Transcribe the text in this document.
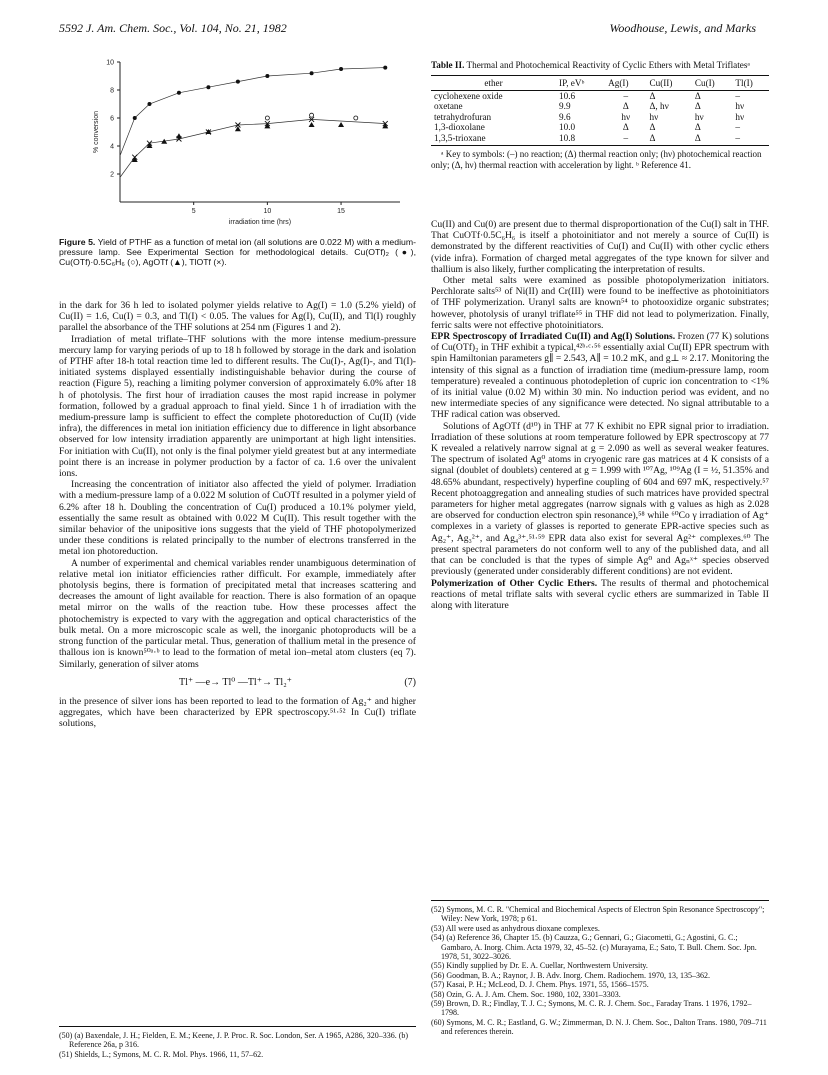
5592 J. Am. Chem. Soc., Vol. 104, No. 21, 1982	Woodhouse, Lewis, and Marks
10
8
6
4
2
5	10	15
irradiation time (hrs)
% conversion
Figure 5. Yield of PTHF as a function of metal ion (all solutions are 0.022 M) with a medium-pressure lamp. See Experimental Section for methodological details. Cu(OTf)₂ (●), Cu(OTf)·0.5C₆H₆ (○), AgOTf (▲), TlOTf (×).
Table II. Thermal and Photochemical Reactivity of Cyclic Ethers with Metal Triflatesᵃ
ether	IP, eVᵇ	Ag(I)	Cu(II)	Cu(I)	Tl(I)
cyclohexene oxide	10.6	–	Δ	Δ	–
oxetane	9.9	Δ	Δ, hν	Δ	hν
tetrahydrofuran	9.6	hν	hν	hν	hν
1,3-dioxolane	10.0	Δ	Δ	Δ	–
1,3,5-trioxane	10.8	–	Δ	Δ	–
ᵃ Key to symbols: (–) no reaction; (Δ) thermal reaction only; (hν) photochemical reaction only; (Δ, hν) thermal reaction with acceleration by light. ᵇ Reference 41.

in the dark for 36 h led to isolated polymer yields relative to Ag(I) = 1.0 (5.2% yield) of Cu(II) = 1.6, Cu(I) = 0.3, and Tl(I) < 0.05. The values for Ag(I), Cu(II), and Tl(I) roughly parallel the absorbance of the THF solutions at 254 nm (Figures 1 and 2).

Irradiation of metal triflate–THF solutions with the more intense medium-pressure mercury lamp for varying periods of up to 18 h followed by storage in the dark and isolation of PTHF after 18-h total reaction time led to different results. The Cu(I)-, Ag(I)-, and Tl(I)-initiated systems displayed essentially indistinguishable behavior during the course of reaction (Figure 5), reaching a limiting polymer conversion of approximately 6.0% after 18 h of photolysis. The first hour of irradiation causes the most rapid increase in polymer formation, followed by a gradual approach to final yield. Since 1 h of irradiation with the medium-pressure lamp is sufficient to effect the complete photoreduction of Cu(II) (vide infra), the differences in metal ion initiation efficiency due to difference in light absorbance observed for low intensity irradiation apparently are unimportant at high light intensities. For initiation with Cu(II), not only is the final polymer yield greatest but at any intermediate point there is an increase in polymer production by a factor of ca. 1.6 over the univalent ions.

Increasing the concentration of initiator also affected the yield of polymer. Irradiation with a medium-pressure lamp of a 0.022 M solution of CuOTf resulted in a polymer yield of 6.2% after 18 h. Doubling the concentration of Cu(I) produced a 10.1% polymer yield, essentially the same result as obtained with 0.022 M Cu(II). This result together with the similar behavior of the unipositive ions suggests that the yield of THF photopolymerized under these conditions is related principally to the number of electrons transferred in the metal ion photoreduction.

A number of experimental and chemical variables render unambiguous determination of relative metal ion initiator efficiencies rather difficult. For example, immediately after photolysis begins, there is formation of precipitated metal that increases scattering and decreases the amount of light available for reaction. There is also formation of an opaque metal mirror on the walls of the reaction tube. How these processes affect the photochemistry is expected to vary with the aggregation and optical characteristics of the bulk metal. On a more microscopic scale as well, the inorganic photoproducts will be a strong function of the particular metal. Thus, generation of thallium metal in the presence of thallous ion is known⁵⁰ᵃ·ᵇ to lead to the formation of metal ion–metal atom clusters (eq 7). Similarly, generation of silver atoms

Tl⁺ —e→ Tl⁰ —Tl⁺→ Tl₂⁺	(7)

in the presence of silver ions has been reported to lead to the formation of Ag₂⁺ and higher aggregates, which have been characterized by EPR spectroscopy.⁵¹·⁵² In Cu(I) triflate solutions,

Cu(II) and Cu(0) are present due to thermal disproportionation of the Cu(I) salt in THF. That CuOTf·0.5C₆H₆ is itself a photoinitiator and not merely a source of Cu(II) is demonstrated by the different reactivities of Cu(I) and Cu(II) with other cyclic ethers (vide infra). Formation of charged metal aggregates of the type known for silver and thallium is also likely, further complicating the interpretation of results.

Other metal salts were examined as possible photopolymerization initiators. Perchlorate salts⁵³ of Ni(II) and Cr(III) were found to be ineffective as photoinitiators of THF polymerization. Uranyl salts are known⁵⁴ to photooxidize organic substrates; however, photolysis of uranyl triflate⁵⁵ in THF did not lead to polymerization. Finally, ferric salts were not effective photoinitiators.

EPR Spectroscopy of Irradiated Cu(II) and Ag(I) Solutions. Frozen (77 K) solutions of Cu(OTf)₂ in THF exhibit a typical,⁴²ᵇ·ᶜ·⁵⁶ essentially axial Cu(II) EPR spectrum with spin Hamiltonian parameters g∥ = 2.543, A∥ = 10.2 mK, and g⊥ ≈ 2.17. Monitoring the intensity of this signal as a function of irradiation time (medium-pressure lamp, room temperature) revealed a continuous photodepletion of cupric ion concentration to <1% of its initial value (0.02 M) within 30 min. No induction period was evident, and no new intermediate species of any significance were detected. No signal attributable to a THF radical cation was observed.

Solutions of AgOTf (d¹⁰) in THF at 77 K exhibit no EPR signal prior to irradiation. Irradiation of these solutions at room temperature followed by EPR spectroscopy at 77 K revealed a relatively narrow signal at g = 2.090 as well as several weaker features. The spectrum of isolated Ag⁰ atoms in cryogenic rare gas matrices at 4 K consists of a signal (doublet of doublets) centered at g = 1.999 with ¹⁰⁷Ag, ¹⁰⁹Ag (I = ½, 51.35% and 48.65% abundant, respectively) hyperfine coupling of 604 and 697 mK, respectively.⁵⁷ Recent photoaggregation and annealing studies of such matrices have provided spectral parameters for higher metal aggregates (narrow signals with g values as high as 2.028 are observed for conduction electron spin resonance),⁵⁸ while ⁶⁰Co γ irradiation of Ag⁺ complexes in a variety of glasses is reported to generate EPR-active species such as Ag₂⁺, Ag₃²⁺, and Ag₄³⁺.⁵¹·⁵⁹ EPR data also exist for several Ag²⁺ complexes.⁶⁰ The present spectral parameters do not conform well to any of the published data, and all that can be concluded is that the types of simple Ag⁰ and Agₙˣ⁺ species observed previously (generated under considerably different conditions) are not evident.

Polymerization of Other Cyclic Ethers. The results of thermal and photochemical reactions of metal triflate salts with several cyclic ethers are summarized in Table II along with literature

(50) (a) Baxendale, J. H.; Fielden, E. M.; Keene, J. P. Proc. R. Soc. London, Ser. A 1965, A286, 320–336. (b) Reference 26a, p 316.
(51) Shields, L.; Symons, M. C. R. Mol. Phys. 1966, 11, 57–62.
(52) Symons, M. C. R. "Chemical and Biochemical Aspects of Electron Spin Resonance Spectroscopy"; Wiley: New York, 1978; p 61.
(53) All were used as anhydrous dioxane complexes.
(54) (a) Reference 36, Chapter 15. (b) Cauzza, G.; Gennari, G.; Giacometti, G.; Agostini, G. C.; Gambaro, A. Inorg. Chim. Acta 1979, 32, 45–52. (c) Murayama, E.; Sato, T. Bull. Chem. Soc. Jpn. 1978, 51, 3022–3026.
(55) Kindly supplied by Dr. E. A. Cuellar, Northwestern University.
(56) Goodman, B. A.; Raynor, J. B. Adv. Inorg. Chem. Radiochem. 1970, 13, 135–362.
(57) Kasai, P. H.; McLeod, D. J. Chem. Phys. 1971, 55, 1566–1575.
(58) Ozin, G. A. J. Am. Chem. Soc. 1980, 102, 3301–3303.
(59) Brown, D. R.; Findlay, T. J. C.; Symons, M. C. R. J. Chem. Soc., Faraday Trans. 1 1976, 1792–1798.
(60) Symons, M. C. R.; Eastland, G. W.; Zimmerman, D. N. J. Chem. Soc., Dalton Trans. 1980, 709–711 and references therein.
